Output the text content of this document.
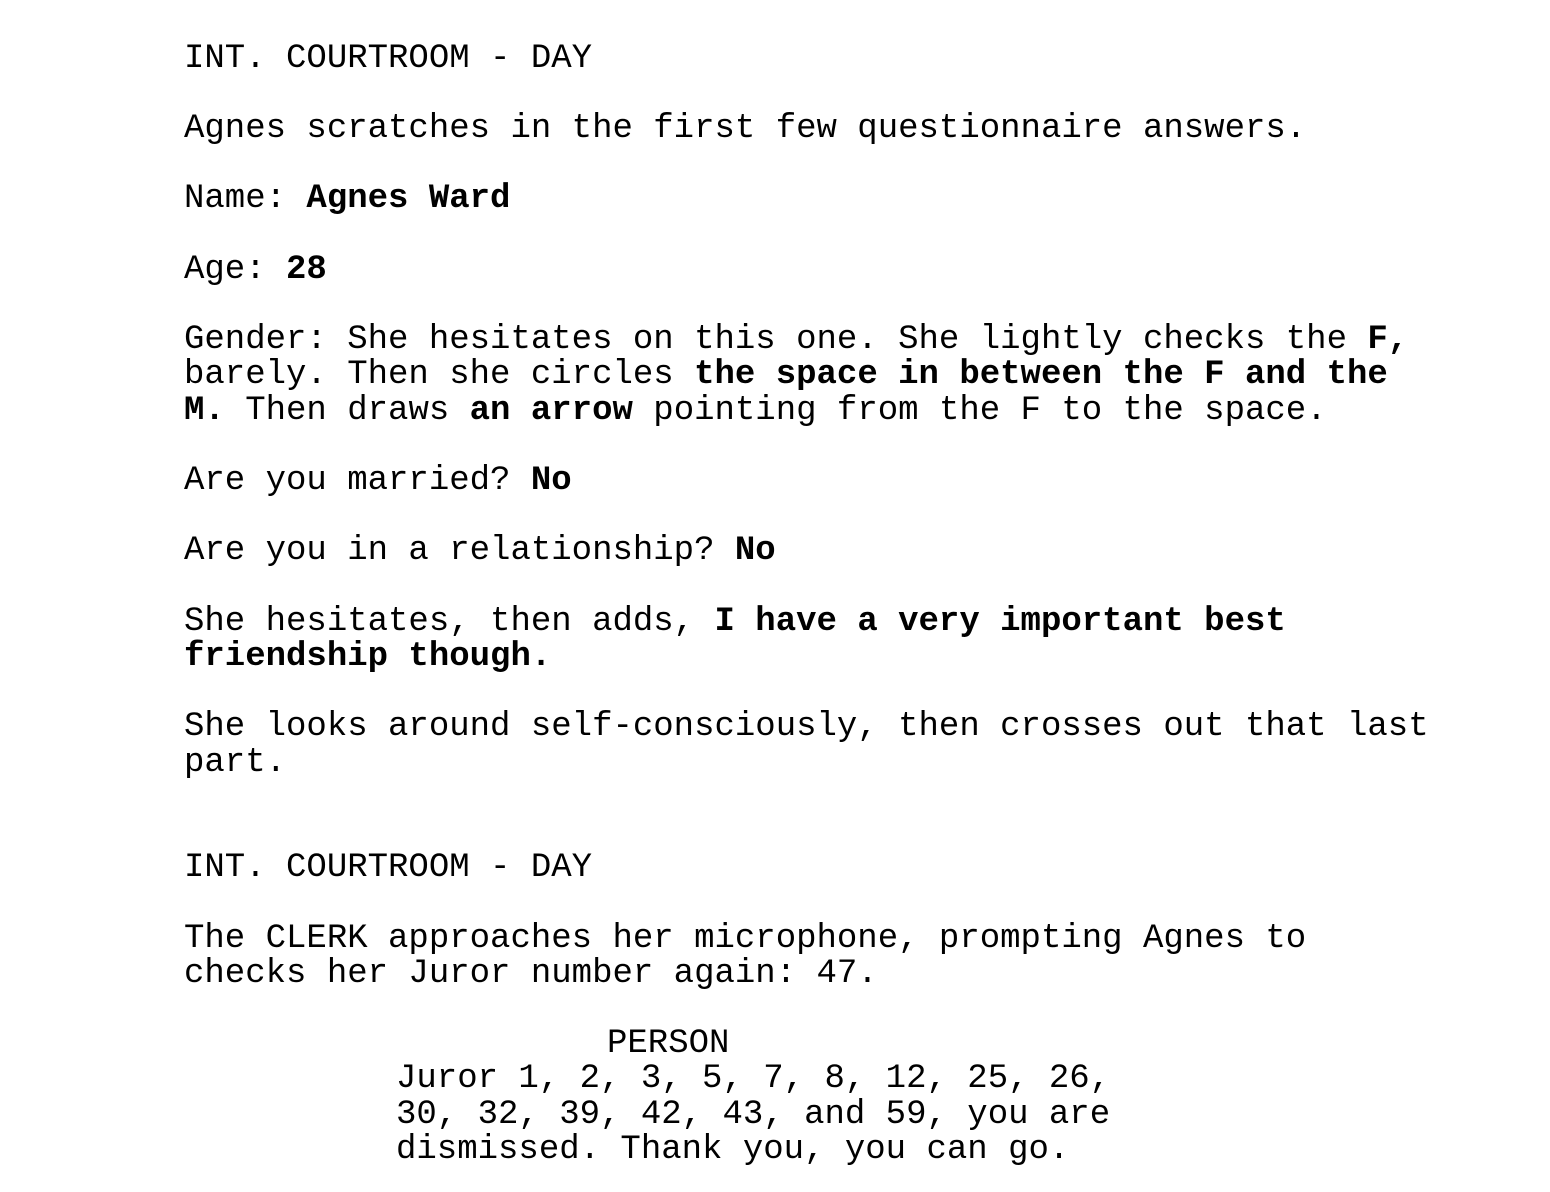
INT. COURTROOM - DAY
Agnes scratches in the first few questionnaire answers.
Name: Agnes Ward
Age: 28
Gender: She hesitates on this one. She lightly checks the F,
barely. Then she circles the space in between the F and the
M. Then draws an arrow pointing from the F to the space.
Are you married? No
Are you in a relationship? No
She hesitates, then adds, I have a very important best
friendship though.
She looks around self-consciously, then crosses out that last
part.
INT. COURTROOM - DAY
The CLERK approaches her microphone, prompting Agnes to
checks her Juror number again: 47.
PERSON
Juror 1, 2, 3, 5, 7, 8, 12, 25, 26,
30, 32, 39, 42, 43, and 59, you are
dismissed. Thank you, you can go.
